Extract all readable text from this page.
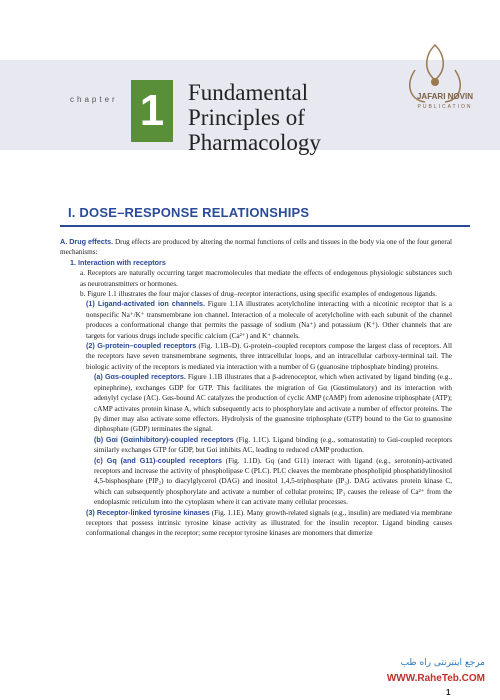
chapter 1	Fundamental Principles of
Pharmacology
JAFARI NOVIN
PUBLICATION
I. DOSE–RESPONSE RELATIONSHIPS

A. Drug effects. Drug effects are produced by altering the normal functions of cells and tissues in the body via one of the four general mechanisms:

1. Interaction with receptors

a. Receptors are naturally occurring target macromolecules that mediate the effects of endogenous physiologic substances such as neurotransmitters or hormones.

b. Figure 1.1 illustrates the four major classes of drug–receptor interactions, using specific examples of endogenous ligands.

(1) Ligand-activated ion channels. Figure 1.1A illustrates acetylcholine interacting with a nicotinic receptor that is a nonspecific Na⁺/K⁺ transmembrane ion channel. Interaction of a molecule of acetylcholine with each subunit of the channel produces a conformational change that permits the passage of sodium (Na⁺) and potassium (K⁺). Other channels that are targets for various drugs include specific calcium (Ca²⁺) and K⁺ channels.

(2) G-protein–coupled receptors (Fig. 1.1B–D). G-protein–coupled receptors compose the largest class of receptors. All the receptors have seven transmembrane segments, three intracellular loops, and an intracellular carboxy-terminal tail. The biologic activity of the receptors is mediated via interaction with a number of G (guanosine triphosphate binding) proteins.

(a) Gαs-coupled receptors. Figure 1.1B illustrates that a β-adrenoceptor, which when activated by ligand binding (e.g., epinephrine), exchanges GDP for GTP. This facilitates the migration of Gα (Gαstimulatory) and its interaction with adenylyl cyclase (AC). Gαs-bound AC catalyzes the production of cyclic AMP (cAMP) from adenosine triphosphate (ATP); cAMP activates protein kinase A, which subsequently acts to phosphorylate and activate a number of effector proteins. The βγ dimer may also activate some effectors. Hydrolysis of the guanosine triphosphate (GTP) bound to the Gα to guanosine diphosphate (GDP) terminates the signal.

(b) Gαi (Gαinhibitory)-coupled receptors (Fig. 1.1C). Ligand binding (e.g., somatostatin) to Gαi-coupled receptors similarly exchanges GTP for GDP, but Gαi inhibits AC, leading to reduced cAMP production.

(c) Gq (and G11)-coupled receptors (Fig. 1.1D). Gq (and G11) interact with ligand (e.g., serotonin)-activated receptors and increase the activity of phospholipase C (PLC). PLC cleaves the membrane phospholipid phosphatidylinositol 4,5-bisphosphate (PIP₂) to diacylglycerol (DAG) and inositol 1,4,5-triphosphate (IP₃). DAG activates protein kinase C, which can subsequently phosphorylate and activate a number of cellular proteins; IP₃ causes the release of Ca²⁺ from the endoplasmic reticulum into the cytoplasm where it can activate many cellular processes.

(3) Receptor-linked tyrosine kinases (Fig. 1.1E). Many growth-related signals (e.g., insulin) are mediated via membrane receptors that possess intrinsic tyrosine kinase activity as illustrated for the insulin receptor. Ligand binding causes conformational changes in the receptor; some receptor tyrosine kinases are monomers that dimerize

مرجع اینترنتی راه طب
WWW.RaheTeb.COM
1
